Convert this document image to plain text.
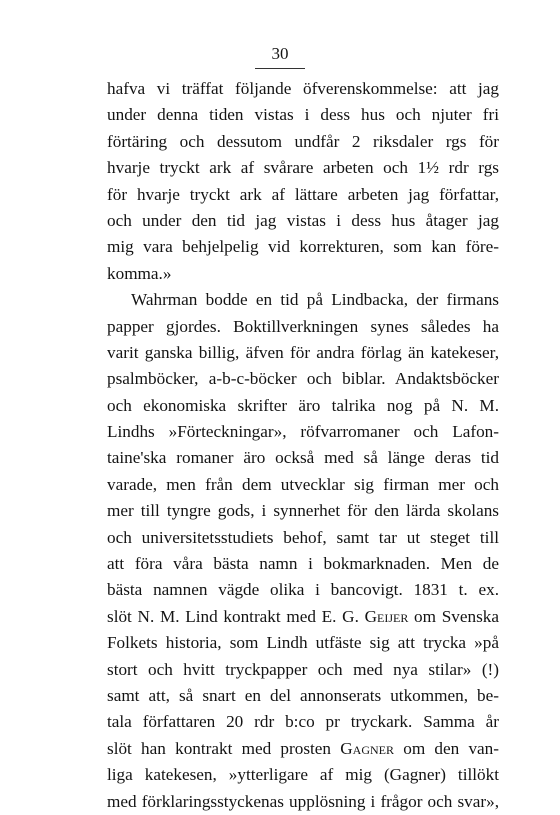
30
hafva vi träffat följande öfverenskommelse: att jag
under denna tiden vistas i dess hus och njuter fri
förtäring och dessutom undfår 2 riksdaler rgs för
hvarje tryckt ark af svårare arbeten och 1½ rdr rgs
för hvarje tryckt ark af lättare arbeten jag författar,
och under den tid jag vistas i dess hus åtager jag
mig vara behjelpelig vid korrekturen, som kan före-
komma.»
Wahrman bodde en tid på Lindbacka, der firmans
papper gjordes. Boktillverkningen synes således ha
varit ganska billig, äfven för andra förlag än katekeser,
psalmböcker, a-b-c-böcker och biblar. Andaktsböcker
och ekonomiska skrifter äro talrika nog på N. M.
Lindhs »Förteckningar», röfvarromaner och Lafon-
taine'ska romaner äro också med så länge deras tid
varade, men från dem utvecklar sig firman mer och
mer till tyngre gods, i synnerhet för den lärda skolans
och universitetsstudiets behof, samt tar ut steget till
att föra våra bästa namn i bokmarknaden. Men de
bästa namnen vägde olika i bancovigt. 1831 t. ex.
slöt N. M. Lind kontrakt med E. G. Geijer om Svenska
Folkets historia, som Lindh utfäste sig att trycka »på
stort och hvitt tryckpapper och med nya stilar» (!)
samt att, så snart en del annonserats utkommen, be-
tala författaren 20 rdr b:co pr tryckark. Samma år
slöt han kontrakt med prosten Gagner om den van-
liga katekesen, »ytterligare af mig (Gagner) tillökt
med förklaringsstyckenas upplösning i frågor och svar»,
